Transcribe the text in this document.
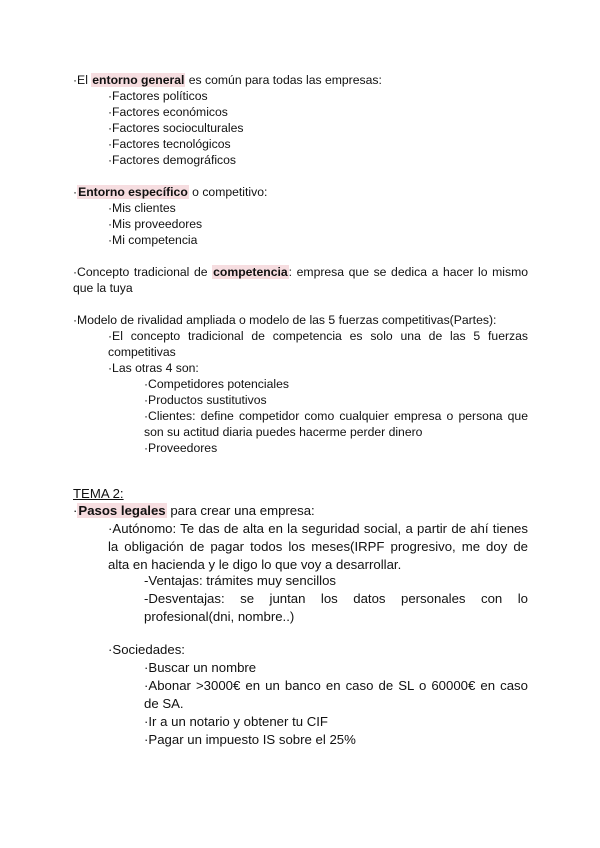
·El entorno general es común para todas las empresas:
·Factores políticos
·Factores económicos
·Factores socioculturales
·Factores tecnológicos
·Factores demográficos
·Entorno específico o competitivo:
·Mis clientes
·Mis proveedores
·Mi competencia
·Concepto tradicional de competencia: empresa que se dedica a hacer lo mismo que la tuya
·Modelo de rivalidad ampliada o modelo de las 5 fuerzas competitivas(Partes):
·El concepto tradicional de competencia es solo una de las 5 fuerzas competitivas
·Las otras 4 son:
·Competidores potenciales
·Productos sustitutivos
·Clientes: define competidor como cualquier empresa o persona que son su actitud diaria puedes hacerme perder dinero
·Proveedores
TEMA 2:
·Pasos legales para crear una empresa:
·Autónomo: Te das de alta en la seguridad social, a partir de ahí tienes la obligación de pagar todos los meses(IRPF progresivo, me doy de alta en hacienda y le digo lo que voy a desarrollar.
-Ventajas: trámites muy sencillos
-Desventajas: se juntan los datos personales con lo profesional(dni, nombre..)
·Sociedades:
·Buscar un nombre
·Abonar >3000€ en un banco en caso de SL o 60000€ en caso de SA.
·Ir a un notario y obtener tu CIF
·Pagar un impuesto IS sobre el 25%
